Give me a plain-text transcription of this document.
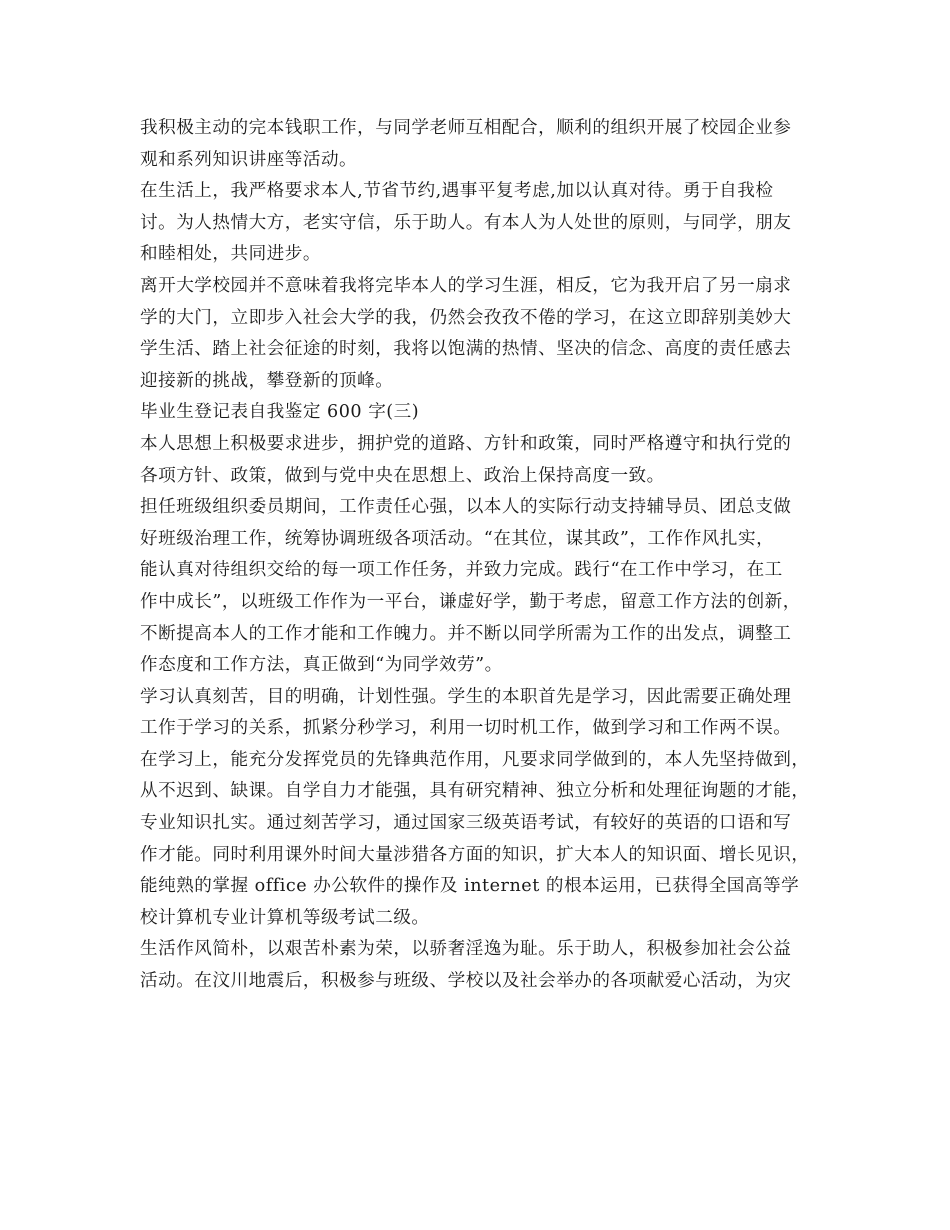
我积极主动的完本钱职工作，与同学老师互相配合，顺利的组织开展了校园企业参
观和系列知识讲座等活动。
在生活上，我严格要求本人,节省节约,遇事平复考虑,加以认真对待。勇于自我检
讨。为人热情大方，老实守信，乐于助人。有本人为人处世的原则，与同学，朋友
和睦相处，共同进步。
离开大学校园并不意味着我将完毕本人的学习生涯，相反，它为我开启了另一扇求
学的大门，立即步入社会大学的我，仍然会孜孜不倦的学习，在这立即辞别美妙大
学生活、踏上社会征途的时刻，我将以饱满的热情、坚决的信念、高度的责任感去
迎接新的挑战，攀登新的顶峰。
毕业生登记表自我鉴定 600 字(三)
本人思想上积极要求进步，拥护党的道路、方针和政策，同时严格遵守和执行党的
各项方针、政策，做到与党中央在思想上、政治上保持高度一致。
担任班级组织委员期间，工作责任心强，以本人的实际行动支持辅导员、团总支做
好班级治理工作，统筹协调班级各项活动。“在其位，谋其政”，工作作风扎实，
能认真对待组织交给的每一项工作任务，并致力完成。践行“在工作中学习，在工
作中成长”，以班级工作作为一平台，谦虚好学，勤于考虑，留意工作方法的创新，
不断提高本人的工作才能和工作魄力。并不断以同学所需为工作的出发点，调整工
作态度和工作方法，真正做到“为同学效劳”。
学习认真刻苦，目的明确，计划性强。学生的本职首先是学习，因此需要正确处理
工作于学习的关系，抓紧分秒学习，利用一切时机工作，做到学习和工作两不误。
在学习上，能充分发挥党员的先锋典范作用，凡要求同学做到的，本人先坚持做到，
从不迟到、缺课。自学自力才能强，具有研究精神、独立分析和处理征询题的才能，
专业知识扎实。通过刻苦学习，通过国家三级英语考试，有较好的英语的口语和写
作才能。同时利用课外时间大量涉猎各方面的知识，扩大本人的知识面、增长见识，
能纯熟的掌握 office 办公软件的操作及 internet 的根本运用，已获得全国高等学
校计算机专业计算机等级考试二级。
生活作风简朴，以艰苦朴素为荣，以骄奢淫逸为耻。乐于助人，积极参加社会公益
活动。在汶川地震后，积极参与班级、学校以及社会举办的各项献爱心活动，为灾
